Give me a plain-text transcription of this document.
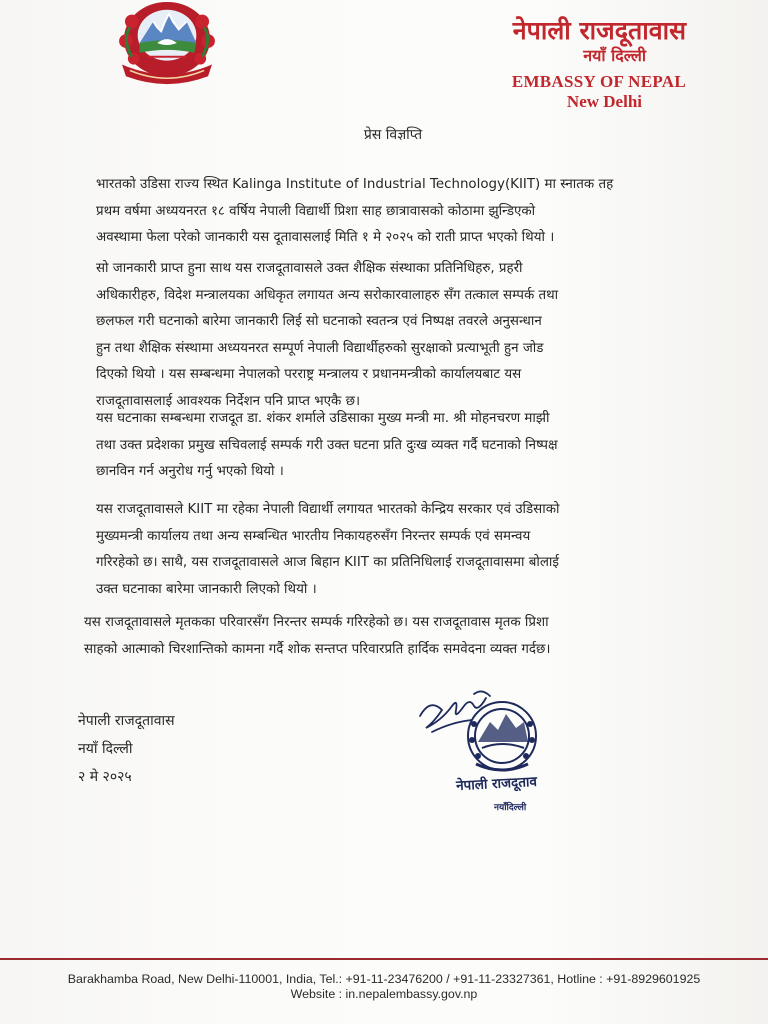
नेपाली राजदूतावास
नयाँ दिल्ली
EMBASSY OF NEPAL
New Delhi
प्रेस विज्ञप्ति
भारतको उडिसा राज्य स्थित Kalinga Institute of Industrial Technology(KIIT) मा स्नातक तह
प्रथम वर्षमा अध्ययनरत १८ वर्षिय नेपाली विद्यार्थी प्रिशा साह छात्रावासको कोठामा झुन्डिएको
अवस्थामा फेला परेको जानकारी यस दूतावासलाई मिति १ मे २०२५ को राती प्राप्त भएको थियो ।
सो जानकारी प्राप्त हुना साथ यस राजदूतावासले उक्त शैक्षिक संस्थाका प्रतिनिधिहरु, प्रहरी
अधिकारीहरु, विदेश मन्त्रालयका अधिकृत लगायत अन्य सरोकारवालाहरु सँग तत्काल सम्पर्क तथा
छलफल गरी घटनाको बारेमा जानकारी लिई सो घटनाको स्वतन्त्र एवं निष्पक्ष तवरले अनुसन्धान
हुन तथा शैक्षिक संस्थामा अध्ययनरत सम्पूर्ण नेपाली विद्यार्थीहरुको सुरक्षाको प्रत्याभूती हुन जोड
दिएको थियो । यस सम्बन्धमा नेपालको परराष्ट्र मन्त्रालय र प्रधानमन्त्रीको कार्यालयबाट यस
राजदूतावासलाई आवश्यक निर्देशन पनि प्राप्त भएकै छ।
यस घटनाका सम्बन्धमा राजदूत डा. शंकर शर्माले उडिसाका मुख्य मन्त्री मा. श्री मोहनचरण माझी
तथा उक्त प्रदेशका प्रमुख सचिवलाई सम्पर्क गरी उक्त घटना प्रति दुःख व्यक्त गर्दै घटनाको निष्पक्ष
छानविन गर्न अनुरोध गर्नु भएको थियो ।
यस राजदूतावासले KIIT मा रहेका नेपाली विद्यार्थी लगायत भारतको केन्द्रिय सरकार एवं उडिसाको
मुख्यमन्त्री कार्यालय तथा अन्य सम्बन्धित भारतीय निकायहरुसँग निरन्तर सम्पर्क एवं समन्वय
गरिरहेको छ। साथै, यस राजदूतावासले आज बिहान KIIT का प्रतिनिधिलाई राजदूतावासमा बोलाई
उक्त घटनाका बारेमा जानकारी लिएको थियो ।
यस राजदूतावासले मृतकका परिवारसँग निरन्तर सम्पर्क गरिरहेको छ। यस राजदूतावास मृतक प्रिशा
साहको आत्माको चिरशान्तिको कामना गर्दै शोक सन्तप्त परिवारप्रति हार्दिक समवेदना व्यक्त गर्दछ।
नेपाली राजदूतावास
नयाँ दिल्ली
२ मे २०२५	नेपाली राजदूताव
नयाँदिल्ली
Barakhamba Road, New Delhi-110001, India, Tel.: +91-11-23476200 / +91-11-23327361, Hotline : +91-8929601925
Website : in.nepalembassy.gov.np
